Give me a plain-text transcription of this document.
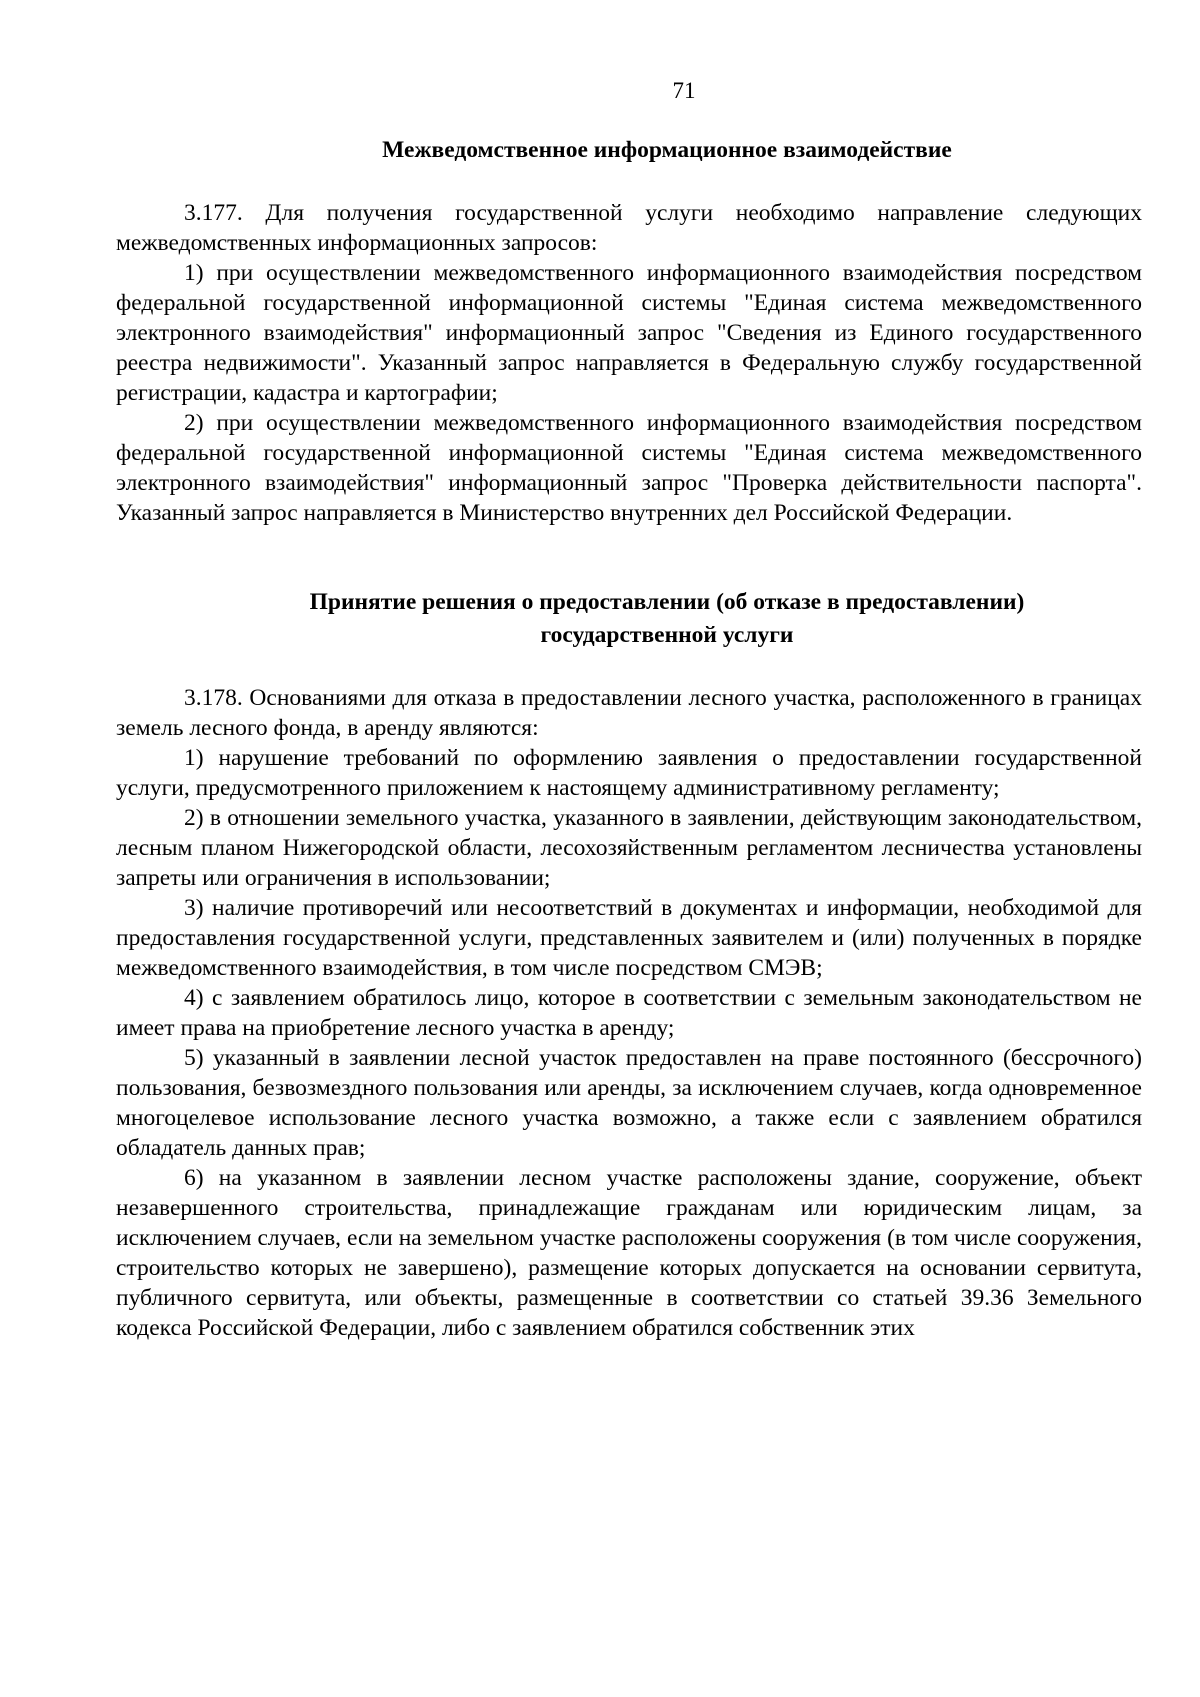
71
Межведомственное информационное взаимодействие

3.177. Для получения государственной услуги необходимо направление следующих межведомственных информационных запросов:

1) при осуществлении межведомственного информационного взаимодействия посредством федеральной государственной информационной системы "Единая система межведомственного электронного взаимодействия" информационный запрос "Сведения из Единого государственного реестра недвижимости". Указанный запрос направляется в Федеральную службу государственной регистрации, кадастра и картографии;

2) при осуществлении межведомственного информационного взаимодействия посредством федеральной государственной информационной системы "Единая система межведомственного электронного взаимодействия" информационный запрос "Проверка действительности паспорта". Указанный запрос направляется в Министерство внутренних дел Российской Федерации.

Принятие решения о предоставлении (об отказе в предоставлении)
государственной услуги

3.178. Основаниями для отказа в предоставлении лесного участка, расположенного в границах земель лесного фонда, в аренду являются:

1) нарушение требований по оформлению заявления о предоставлении государственной услуги, предусмотренного приложением к настоящему административному регламенту;

2) в отношении земельного участка, указанного в заявлении, действующим законодательством, лесным планом Нижегородской области, лесохозяйственным регламентом лесничества установлены запреты или ограничения в использовании;

3) наличие противоречий или несоответствий в документах и информации, необходимой для предоставления государственной услуги, представленных заявителем и (или) полученных в порядке межведомственного взаимодействия, в том числе посредством СМЭВ;

4) с заявлением обратилось лицо, которое в соответствии с земельным законодательством не имеет права на приобретение лесного участка в аренду;

5) указанный в заявлении лесной участок предоставлен на праве постоянного (бессрочного) пользования, безвозмездного пользования или аренды, за исключением случаев, когда одновременное многоцелевое использование лесного участка возможно, а также если с заявлением обратился обладатель данных прав;

6) на указанном в заявлении лесном участке расположены здание, сооружение, объект незавершенного строительства, принадлежащие гражданам или юридическим лицам, за исключением случаев, если на земельном участке расположены сооружения (в том числе сооружения, строительство которых не завершено), размещение которых допускается на основании сервитута, публичного сервитута, или объекты, размещенные в соответствии со статьей 39.36 Земельного кодекса Российской Федерации, либо с заявлением обратился собственник этих
